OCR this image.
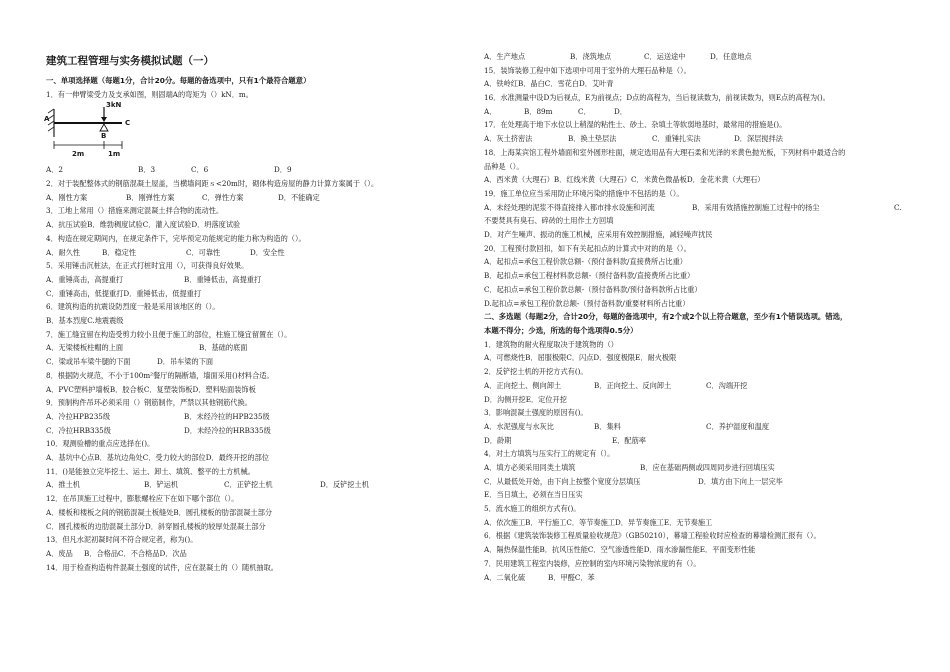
建筑工程管理与实务模拟试题（一）
一、单项选择题（每题1分，合计20分。每题的备选项中，只有1个最符合题意）
1．有一伸臂梁受力及支承如图，则固端A的弯矩为（）kN．m。
A
3kN
B
C
2m	1m
A．2	B．3	C．6	D．9
2．对于装配整体式的钢筋混凝土屋盖，当横墙间距ｓ<20m时，砌体构造房屋的静力计算方案属于（）。
A．刚性方案	B．刚弹性方案	C．弹性方案	D．不能确定
3．工地上常用（）措施来测定混凝土拌合物的流动性。
A．抗压试验B．维勃稠度试验C．灌入度试验D．坍落度试验
4．构造在规定期间内，在规定条件下，完毕预定功能规定的能力称为构造的（）。
A．耐久性	B．稳定性	C．可靠性	D．安全性
5．采用锤击沉桩法，在正式打桩时宜用（），可获得良好效果。
A．重锤高击，高提重打	B．重锤低击，高提重打
C．重锤高击，低提重打D．重锤低击，低提重打
6．建筑构造的抗震设防烈度一般是采用该地区的（）。
B．基本烈度C.地震震级
7．施工缝宜留在构造受剪力较小且便于施工的部位，柱施工缝宜留置在（）。
A．无梁楼板柱帽的上面	B．基础的底面
C．梁或吊车梁牛腿的下面	D．吊车梁的下面
8．根据防火规范，不小于100m²餐厅的隔断墙，墙面采用()材料合适。
A．PVC塑料护墙板B．胶合板C．复塑装饰板D．塑料贴面装饰板
9．预制构件吊环必须采用（）钢筋制作，严禁以其他钢筋代换。
A．冷拉HPB235级	B．未经冷拉的HPB235级
C．冷拉HRB335级	D．未经冷拉的HRB335级
10．观测验槽的重点应选择在()。
A．基坑中心点B．基坑边角处C．受力较大的部位D．最终开挖的部位
11．()是能独立完毕挖土、运土、卸土、填筑、整平的土方机械。
A．推土机	B．铲运机	C．正铲挖土机	D．反铲挖土机
12．在吊顶施工过程中，膨胀螺栓应下在如下哪个部位（）。
A．楼板和楼板之间的钢筋混凝土板缝处B．圆孔楼板的肋部混凝土部分
C．圆孔楼板的边肋混凝土部分D．斜穿圆孔楼板的较厚处混凝土部分
13．但凡水泥初凝时间不符合规定者，称为()。
A．废品 B．合格品C．不合格品D．次品
14．用于检查构造构件混凝土强度的试件，应在混凝土的（）随机抽取。
A．生产地点	B．浇筑地点	C．运送途中	D．任意地点
15．装饰装修工程中如下选项中可用于室外的大理石品种是（）。
A．铁岭红B．晶白C．雪花白D．艾叶青
16．水准测量中设D为后视点，E为前视点；D点的高程为，当后视读数为，前视读数为，则E点的高程为()。
A．	B．89m	C．	D．
17．在处理高于地下水位以上稍湿的粘性土、砂土、杂填土等软弱地基时，最常用的措施是()。
A．灰土挤密法	B．换土垫层法	C．重锤扎实法	D．深层搅拌法
18．上海某宾馆工程外墙面和室外圆形柱面，规定选用品有大理石柔和光泽的米黄色抛光板，下列材料中最适合的
品种是（）。
A．西米黄（大理石）B．红线米黄（大理石）C．米黄色微晶板D．金花米黄（大理石）
19．施工单位应当采用防止环境污染的措施中不包括的是（）。
A．未经处理的泥浆不得直接排入都市排水设施和河流	B．采用有效措施控制施工过程中的扬尘	C.
不要焚具有臭石、碎砖的土用作土方回填
D．对产生噪声、振动的施工机械，应采用有效控制措施，减轻噪声扰民
20．工程预付款回扣，如下有关起扣点的计算式中对的的是（）。
A．起扣点=承包工程价款总额-（预付备料款/直接费所占比重）
B．起扣点=承包工程材料款总额-（预付备料款/直接费所占比重）
C．起扣点=承包工程价款总额-（预付备料款/预付备料款所占比重）
D.起扣点=承包工程价款总额-（预付备料款/重要材料所占比重）
二、多选题（每题2分，合计20分，每题的备选项中，有2个或2个以上符合题意，至少有1个错误选项。错选，
本题不得分；少选，所选的每个选项得0.5分）
1．建筑物的耐火程度取决于建筑物的（）
A．可燃烧性B．屈服极限C．闪点D．强度极限E．耐火极限
2．反铲挖土机的开挖方式有()。
A．正向挖土、侧向卸土	B．正向挖土、反向卸土	C．沟端开挖
D．沟侧开挖E．定位开挖
3．影响混凝土强度的原因有()。
A．水泥强度与水灰比	B．集料	C．养护湿度和温度
D．龄期	E．配筋率
4．对土方填筑与压实行工的规定有（）。
A．填方必须采用同类土填筑	B．应在基础两侧或四周同步进行回填压实
C．从最低处开始，由下向上按整个宽度分层填压	D．填方由下向上一层完毕
E．当日填土，必须在当日压实
5．流水施工的组织方式有()。
A．依次施工B．平行施工C．等节奏施工D．异节奏施工E．无节奏施工
6．根据《建筑装饰装修工程质量验收规范》（GB50210），幕墙工程验收时应检查的幕墙检测汇报有（）。
A．隔热保温性能B．抗风压性能C．空气渗透性能D．雨水渗漏性能E．平面变形性能
7．民用建筑工程室内装修，应控制的室内环境污染物浓度的有（）。
A．二氧化硫	B．甲醛C．苯
